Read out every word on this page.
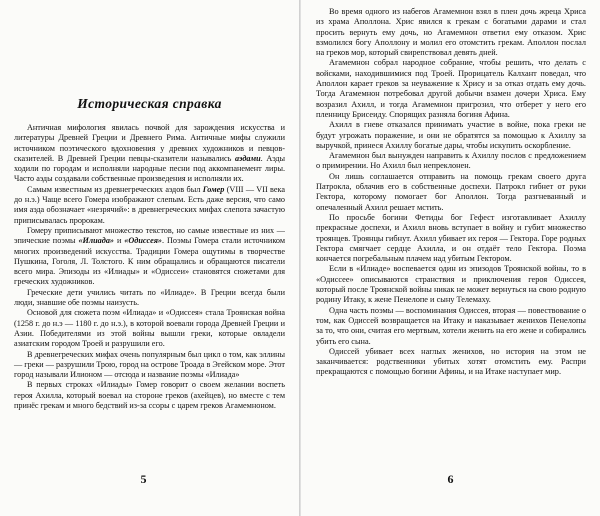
Историческая справка

Античная мифология явилась почвой для зарождения искусства и литературы Древней Греции и Древнего Рима. Античные мифы служили источником поэтического вдохновения у древних художников и певцов-сказителей. В Древней Греции певцы-сказители назывались аэдами. Аэды ходили по городам и исполняли народные песни под аккомпанемент лиры. Часто аэды создавали собственные произведения и исполняли их.

Самым известным из древнегреческих аэдов был Гомер (VIII — VII века до н.э.) Чаще всего Гомера изображают слепым. Есть даже версия, что само имя аэда обозначает «незрячий»: в древнегреческих мифах слепота зачастую приписывалась пророкам.

Гомеру приписывают множество текстов, но самые известные из них — эпические поэмы «Илиада» и «Одиссея». Поэмы Гомера стали источником многих произведений искусства. Традиции Гомера ощутимы в творчестве Пушкина, Гоголя, Л. Толстого. К ним обращались и обращаются писатели всего мира. Эпизоды из «Илиады» и «Одиссеи» становятся сюжетами для греческих художников.

Греческие дети учились читать по «Илиаде». В Греции всегда были люди, знавшие обе поэмы наизусть.

Основой для сюжета поэм «Илиада» и «Одиссея» стала Троянская война (1258 г. до н.э — 1180 г. до н.э.), в которой воевали города Древней Греции и Азии. Победителями из этой войны вышли греки, которые овладели азиатским городом Троей и разрушили его.

В древнегреческих мифах очень популярным был цикл о том, как эллины — греки — разрушили Трою, город на острове Троада в Эгейском море. Этот город называли Илионом — отсюда и название поэмы «Илиада»

В первых строках «Илиады» Гомер говорит о своем желании воспеть героя Ахилла, который воевал на стороне греков (ахейцев), но вместе с тем принёс грекам и много бедствий из-за ссоры с царем греков Агамемноном.

5

Во время одного из набегов Агамемнон взял в плен дочь жреца Хриса из храма Аполлона. Хрис явился к грекам с богатыми дарами и стал просить вернуть ему дочь, но Агамемнон ответил ему отказом. Хрис взмолился богу Аполлону и молил его отомстить грекам. Аполлон послал на греков мор, который свирепствовал девять дней.

Агамемнон собрал народное собрание, чтобы решить, что делать с войсками, находившимися под Троей. Прорицатель Калхант поведал, что Аполлон карает греков за неуважение к Хрису и за отказ отдать ему дочь. Тогда Агамемнон потребовал другой добычи взамен дочери Хриса. Ему возразил Ахилл, и тогда Агамемнон пригрозил, что отберет у него его пленницу Брисеиду. Спорящих разняла богиня Афина.

Ахилл в гневе отказался принимать участие в войне, пока греки не будут угрожать поражение, и они не обратятся за помощью к Ахиллу за выручкой, принеся Ахиллу богатые дары, чтобы искупить оскорбление.

Агамемнон был вынужден направить к Ахиллу послов с предложением о примирении. Но Ахилл был непреклонен.

Он лишь соглашается отправить на помощь грекам своего друга Патрокла, облачив его в собственные доспехи. Патрокл гибнет от руки Гектора, которому помогает бог Аполлон. Тогда разгневанный и опечаленный Ахилл решает мстить.

По просьбе богини Фетиды бог Гефест изготавливает Ахиллу прекрасные доспехи, и Ахилл вновь вступает в войну и губит множество троянцев. Троянцы гибнут. Ахилл убивает их героя — Гектора. Горе родных Гектора смягчает сердце Ахилла, и он отдаёт тело Гектора. Поэма кончается погребальным плачем над убитым Гектором.

Если в «Илиаде» воспевается один из эпизодов Троянской войны, то в «Одиссее» описываются странствия и приключения героя Одиссея, который после Троянской войны никак не может вернуться на свою родную родину Итаку, к жене Пенелопе и сыну Телемаху.

Одна часть поэмы — воспоминания Одиссея, вторая — повествование о том, как Одиссей возвращается на Итаку и наказывает женихов Пенелопы за то, что они, считая его мертвым, хотели женить на его жене и собирались убить его сына.

Одиссей убивает всех наглых женихов, но история на этом не заканчивается: родственники убитых хотят отомстить ему. Распри прекращаются с помощью богини Афины, и на Итаке наступает мир.

6
